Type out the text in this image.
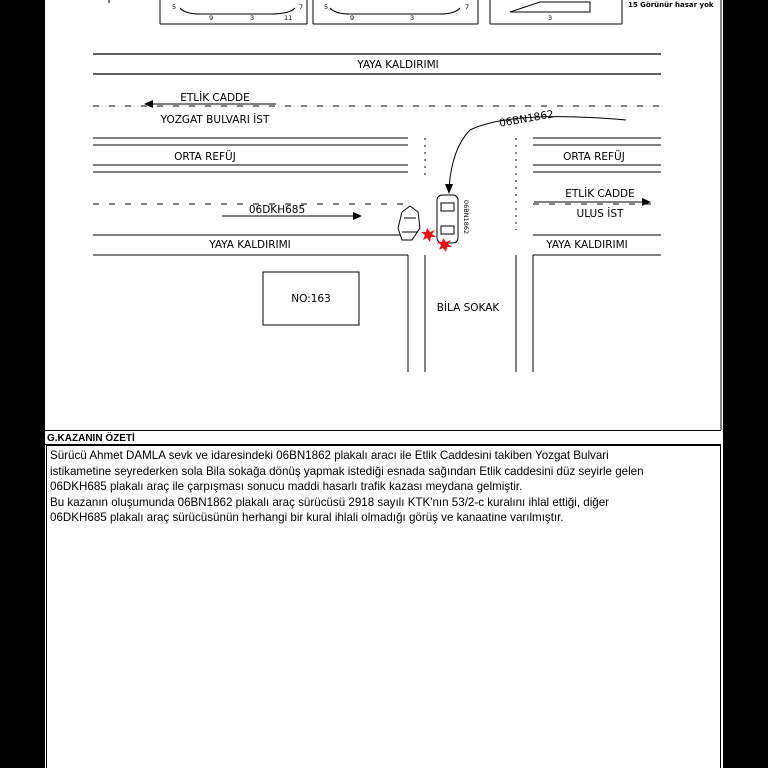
5
9	3	11
7	5
9	3
7
3
15 Görünür hasar yok
YAYA KALDIRIMI
ETLİK CADDE
YOZGAT BULVARI İST
ORTA REFÜJ	ORTA REFÜJ
ETLİK CADDE
ULUS İST
06DKH685
06BN1862
YAYA KALDIRIMI	YAYA KALDIRIMI
BİLA SOKAK
NO:163
06BN1862
G.KAZANIN ÖZETİ

Sürücü Ahmet DAMLA sevk ve idaresindeki 06BN1862 plakalı aracı ile Etlik Caddesini takiben Yozgat Bulvari

istikametine seyrederken sola Bila sokağa dönüş yapmak istediği esnada sağından Etlik caddesini düz seyirle gelen

06DKH685 plakalı araç ile çarpışması sonucu maddi hasarlı trafik kazası meydana gelmiştir.

Bu kazanın oluşumunda 06BN1862 plakalı araç sürücüsü 2918 sayılı KTK'nın 53/2-c kuralını ihlal ettiği, diğer

06DKH685 plakalı araç sürücüsünün herhangi bir kural ihlali olmadığı görüş ve kanaatine varılmıştır.
